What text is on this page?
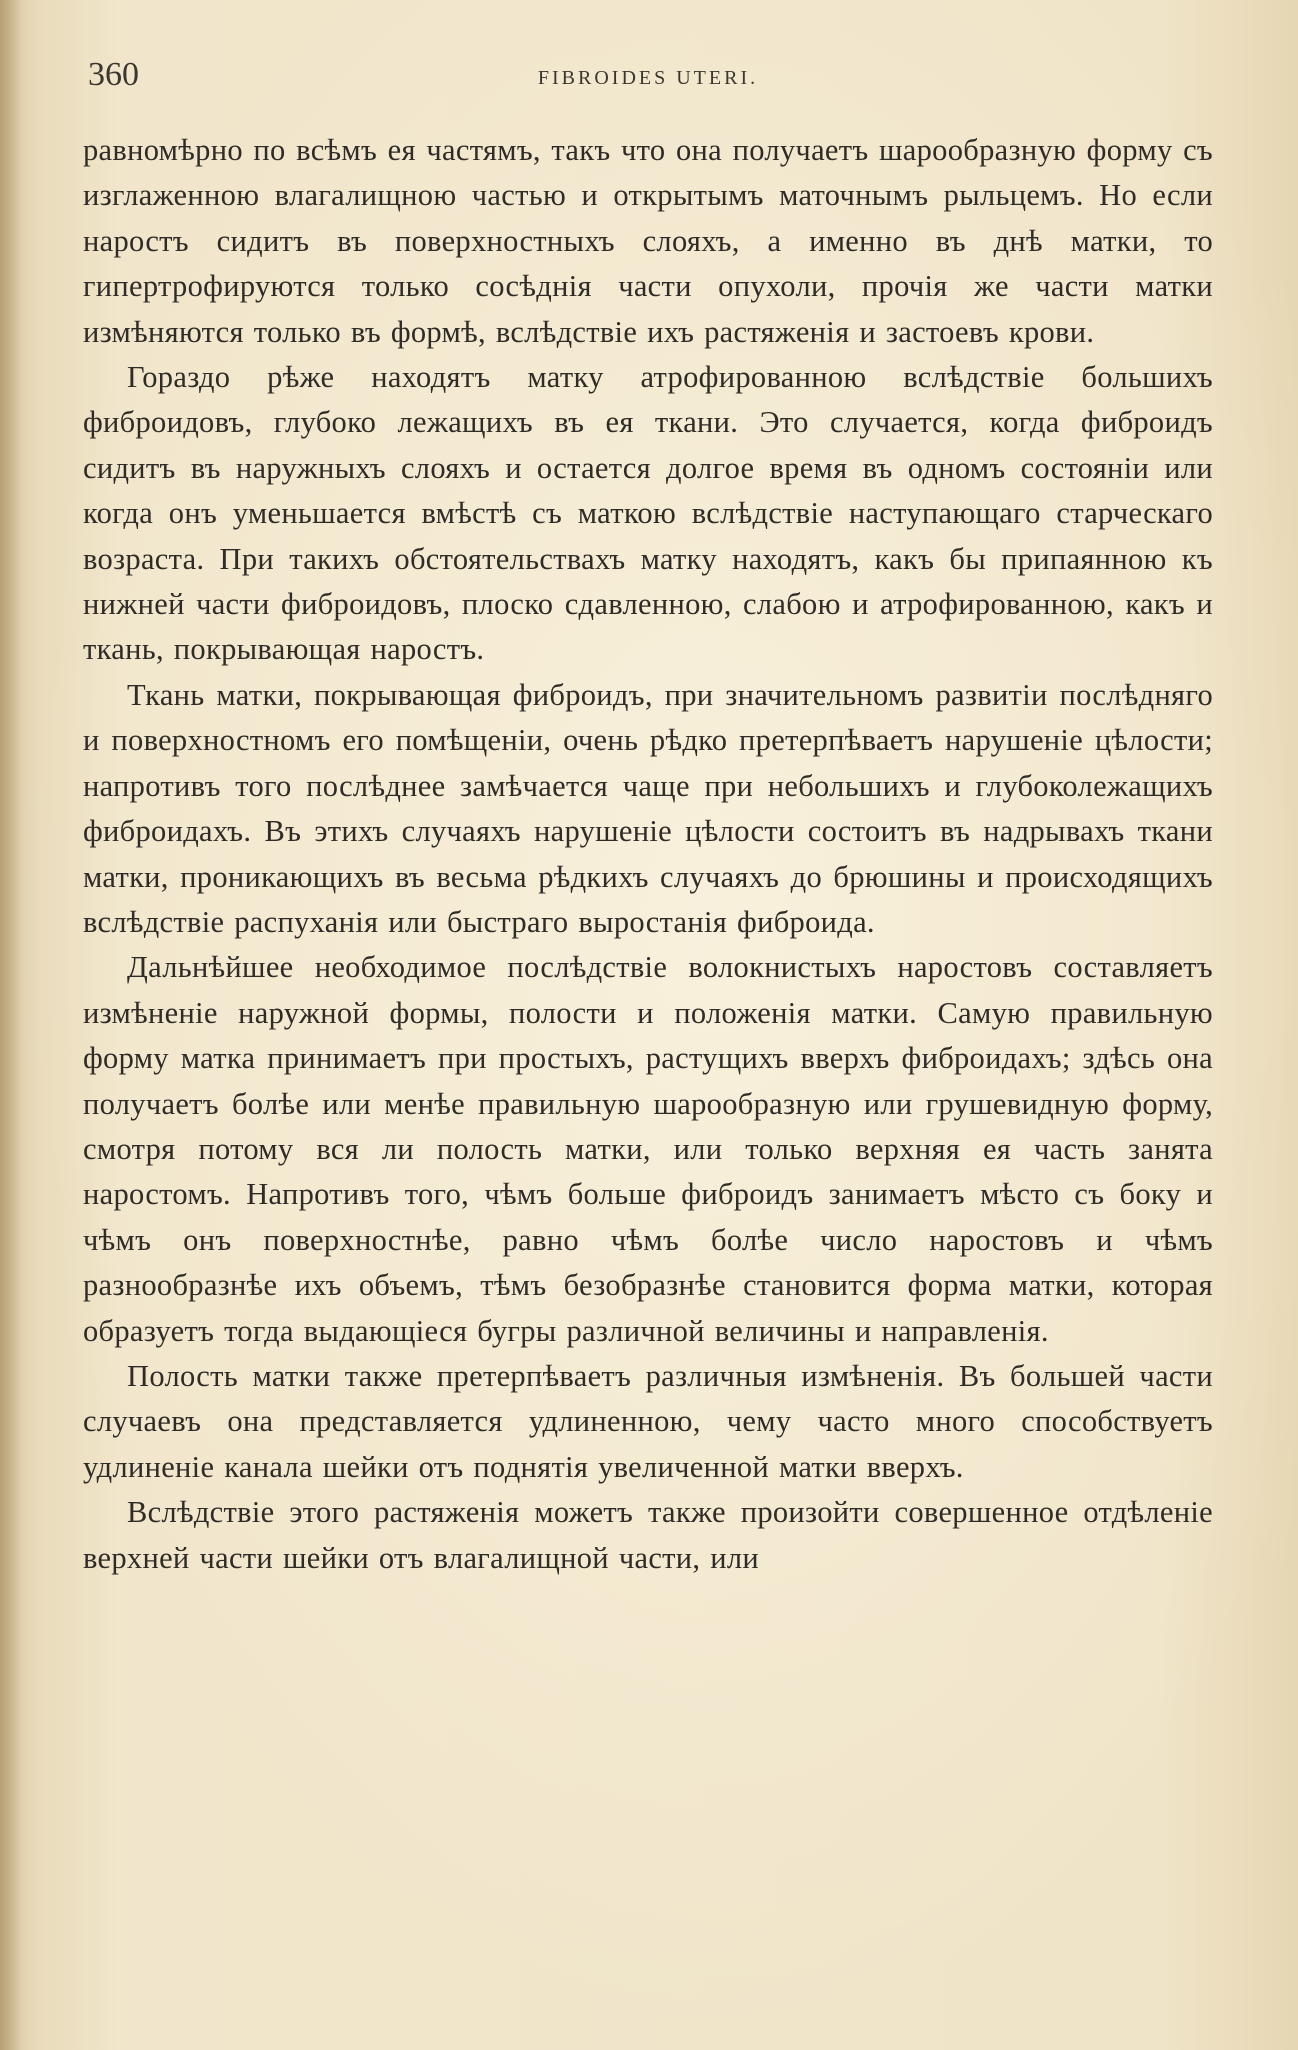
360	FIBROIDES UTERI.

равномѣрно по всѣмъ ея частямъ, такъ что она получаетъ шарообразную форму съ изглаженною влагалищною частью и открытымъ маточнымъ рыльцемъ. Но если наростъ сидитъ въ поверхностныхъ слояхъ, а именно въ днѣ матки, то гипертрофируются только сосѣднія части опухоли, прочія же части матки измѣняются только въ формѣ, вслѣдствіе ихъ растяженія и застоевъ крови.

Гораздо рѣже находятъ матку атрофированною вслѣдствіе большихъ фиброидовъ, глубоко лежащихъ въ ея ткани. Это случается, когда фиброидъ сидитъ въ наружныхъ слояхъ и остается долгое время въ одномъ состояніи или когда онъ уменьшается вмѣстѣ съ маткою вслѣдствіе наступающаго старческаго возраста. При такихъ обстоятельствахъ матку находятъ, какъ бы припаянною къ нижней части фиброидовъ, плоско сдавленною, слабою и атрофированною, какъ и ткань, покрывающая наростъ.

Ткань матки, покрывающая фиброидъ, при значительномъ развитіи послѣдняго и поверхностномъ его помѣщеніи, очень рѣдко претерпѣваетъ нарушеніе цѣлости; напротивъ того послѣднее замѣчается чаще при небольшихъ и глубоколежащихъ фиброидахъ. Въ этихъ случаяхъ нарушеніе цѣлости состоитъ въ надрывахъ ткани матки, проникающихъ въ весьма рѣдкихъ случаяхъ до брюшины и происходящихъ вслѣдствіе распуханія или быстраго выростанія фиброида.

Дальнѣйшее необходимое послѣдствіе волокнистыхъ наростовъ составляетъ измѣненіе наружной формы, полости и положенія матки. Самую правильную форму матка принимаетъ при простыхъ, растущихъ вверхъ фиброидахъ; здѣсь она получаетъ болѣе или менѣе правильную шарообразную или грушевидную форму, смотря потому вся ли полость матки, или только верхняя ея часть занята наростомъ. Напротивъ того, чѣмъ больше фиброидъ занимаетъ мѣсто съ боку и чѣмъ онъ поверхностнѣе, равно чѣмъ болѣе число наростовъ и чѣмъ разнообразнѣе ихъ объемъ, тѣмъ безобразнѣе становится форма матки, которая образуетъ тогда выдающіеся бугры различной величины и направленія.

Полость матки также претерпѣваетъ различныя измѣненія. Въ большей части случаевъ она представляется удлиненною, чему часто много способствуетъ удлиненіе канала шейки отъ поднятія увеличенной матки вверхъ.

Вслѣдствіе этого растяженія можетъ также произойти совершенное отдѣленіе верхней части шейки отъ влагалищной части, или
